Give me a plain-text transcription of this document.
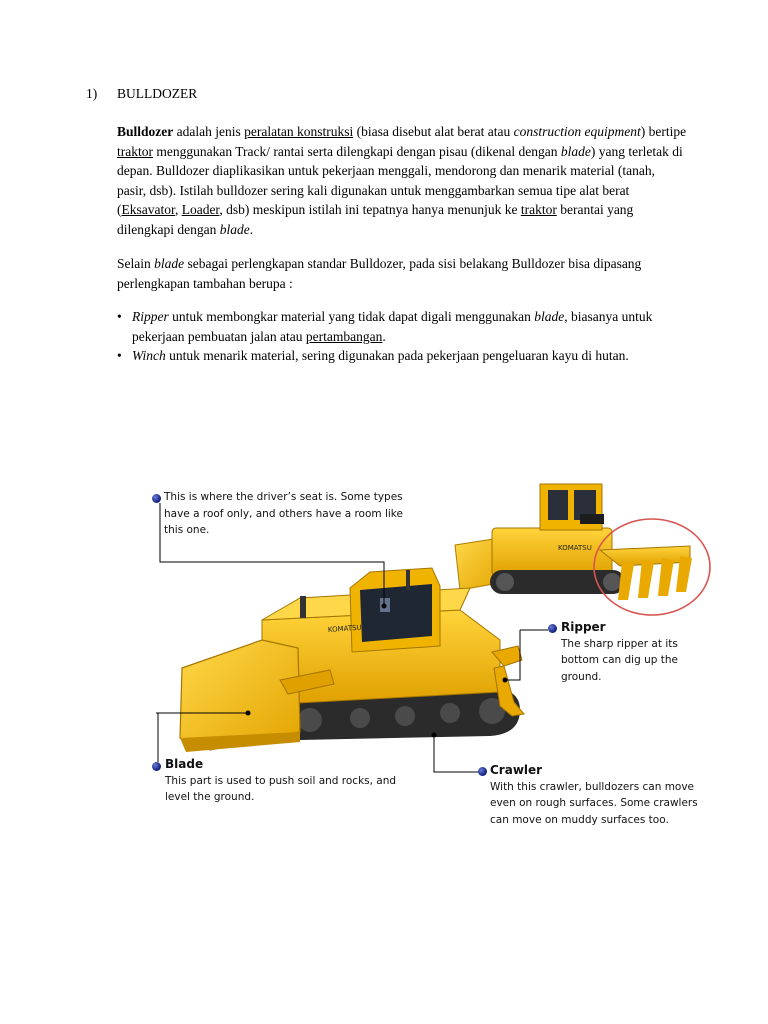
1) BULLDOZER
Bulldozer adalah jenis peralatan konstruksi (biasa disebut alat berat atau construction equipment) bertipe traktor menggunakan Track/ rantai serta dilengkapi dengan pisau (dikenal dengan blade) yang terletak di depan. Bulldozer diaplikasikan untuk pekerjaan menggali, mendorong dan menarik material (tanah, pasir, dsb). Istilah bulldozer sering kali digunakan untuk menggambarkan semua tipe alat berat (Eksavator, Loader, dsb) meskipun istilah ini tepatnya hanya menunjuk ke traktor berantai yang dilengkapi dengan blade.
Selain blade sebagai perlengkapan standar Bulldozer, pada sisi belakang Bulldozer bisa dipasang perlengkapan tambahan berupa :
• Ripper untuk membongkar material yang tidak dapat digali menggunakan blade, biasanya untuk pekerjaan pembuatan jalan atau pertambangan.
• Winch untuk menarik material, sering digunakan pada pekerjaan pengeluaran kayu di hutan.
KOMATSU
KOMATSU
This is where the driver’s seat is. Some types have a roof only, and others have a room like this one.
Ripper
The sharp ripper at its bottom can dig up the ground.
Blade
This part is used to push soil and rocks, and level the ground.
Crawler
With this crawler, bulldozers can move even on rough surfaces. Some crawlers can move on muddy surfaces too.
